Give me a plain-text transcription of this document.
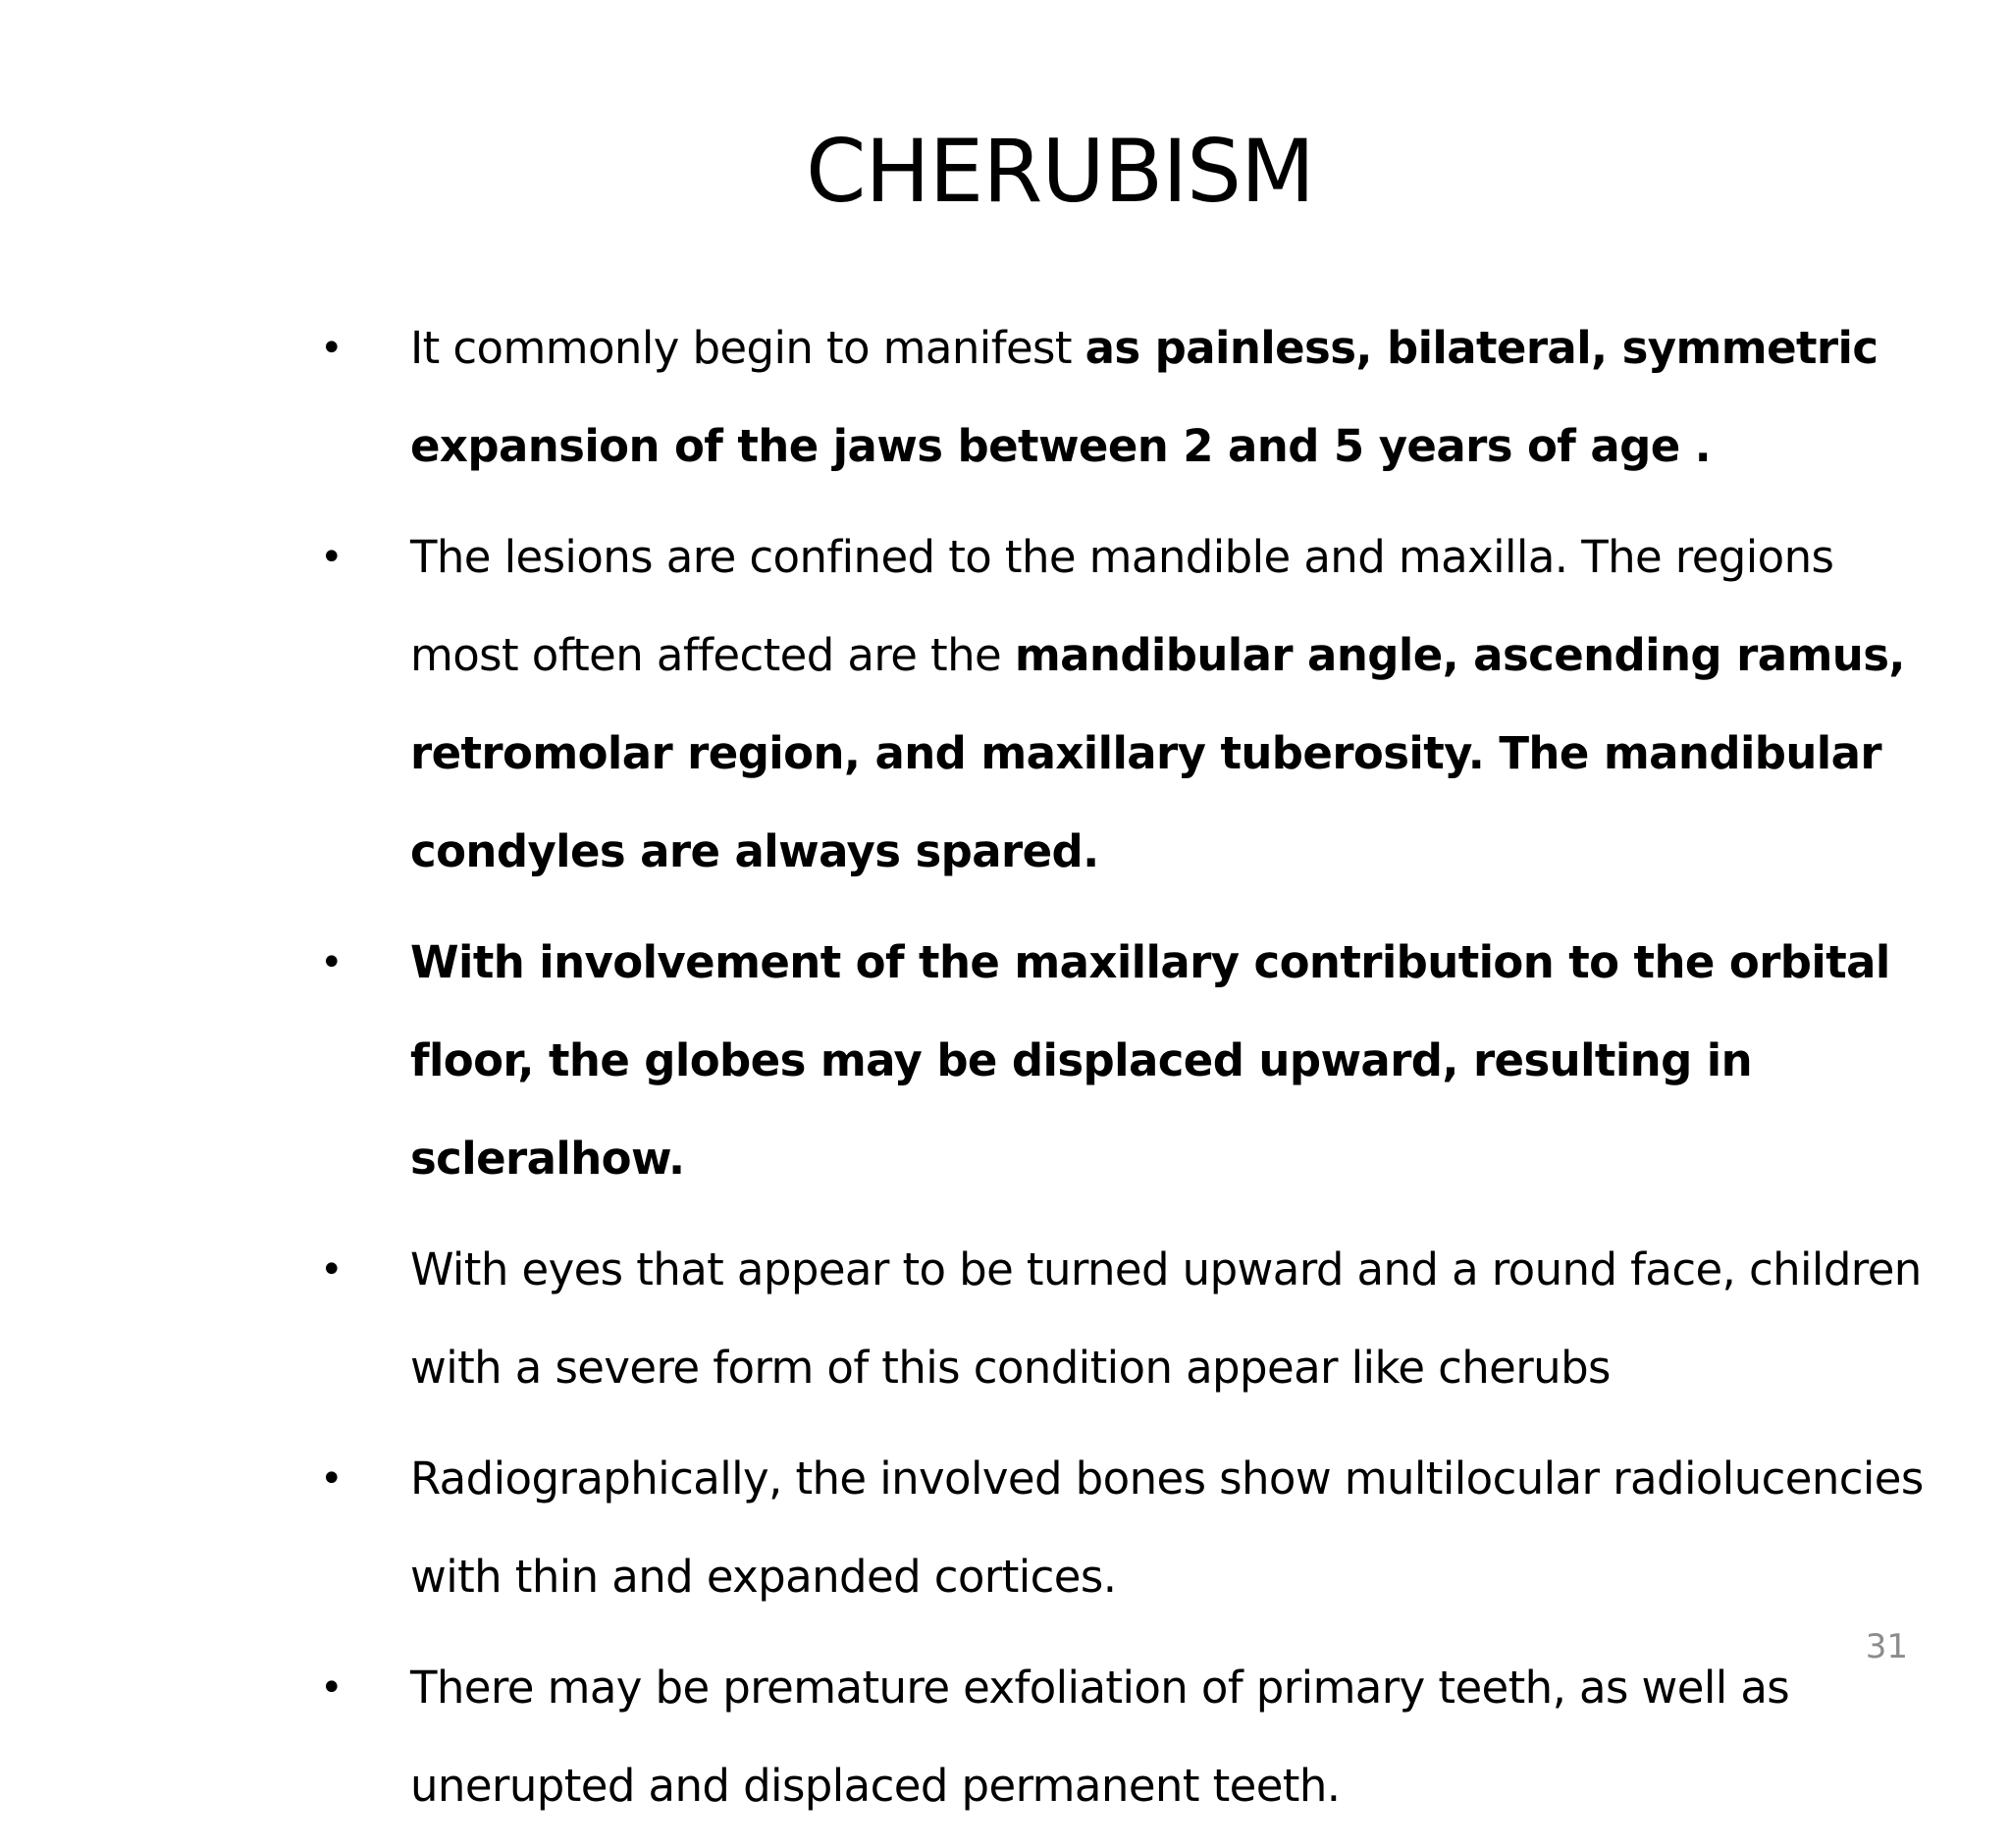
CHERUBISM
• It commonly begin to manifest as painless, bilateral, symmetric expansion of the jaws between 2 and 5 years of age .
• The lesions are confined to the mandible and maxilla. The regions most often affected are the mandibular angle, ascending ramus, retromolar region, and maxillary tuberosity. The mandibular condyles are always spared.
• With involvement of the maxillary contribution to the orbital floor, the globes may be displaced upward, resulting in scleralhow.
• With eyes that appear to be turned upward and a round face, children with a severe form of this condition appear like cherubs
• Radiographically, the involved bones show multilocular radiolucencies with thin and expanded cortices.
• There may be premature exfoliation of primary teeth, as well as unerupted and displaced permanent teeth.
31
